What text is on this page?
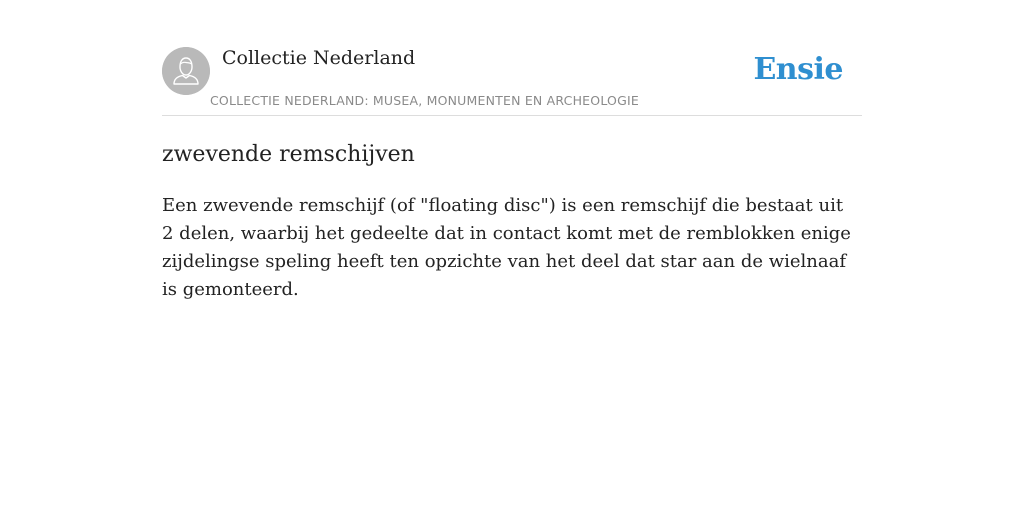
Collectie Nederland
COLLECTIE NEDERLAND: MUSEA, MONUMENTEN EN ARCHEOLOGIE
Ensie
zwevende remschijven

Een zwevende remschijf (of "floating disc") is een remschijf die bestaat uit 2 delen, waarbij het gedeelte dat in contact komt met de remblokken enige zijdelingse speling heeft ten opzichte van het deel dat star aan de wielnaaf is gemonteerd.
